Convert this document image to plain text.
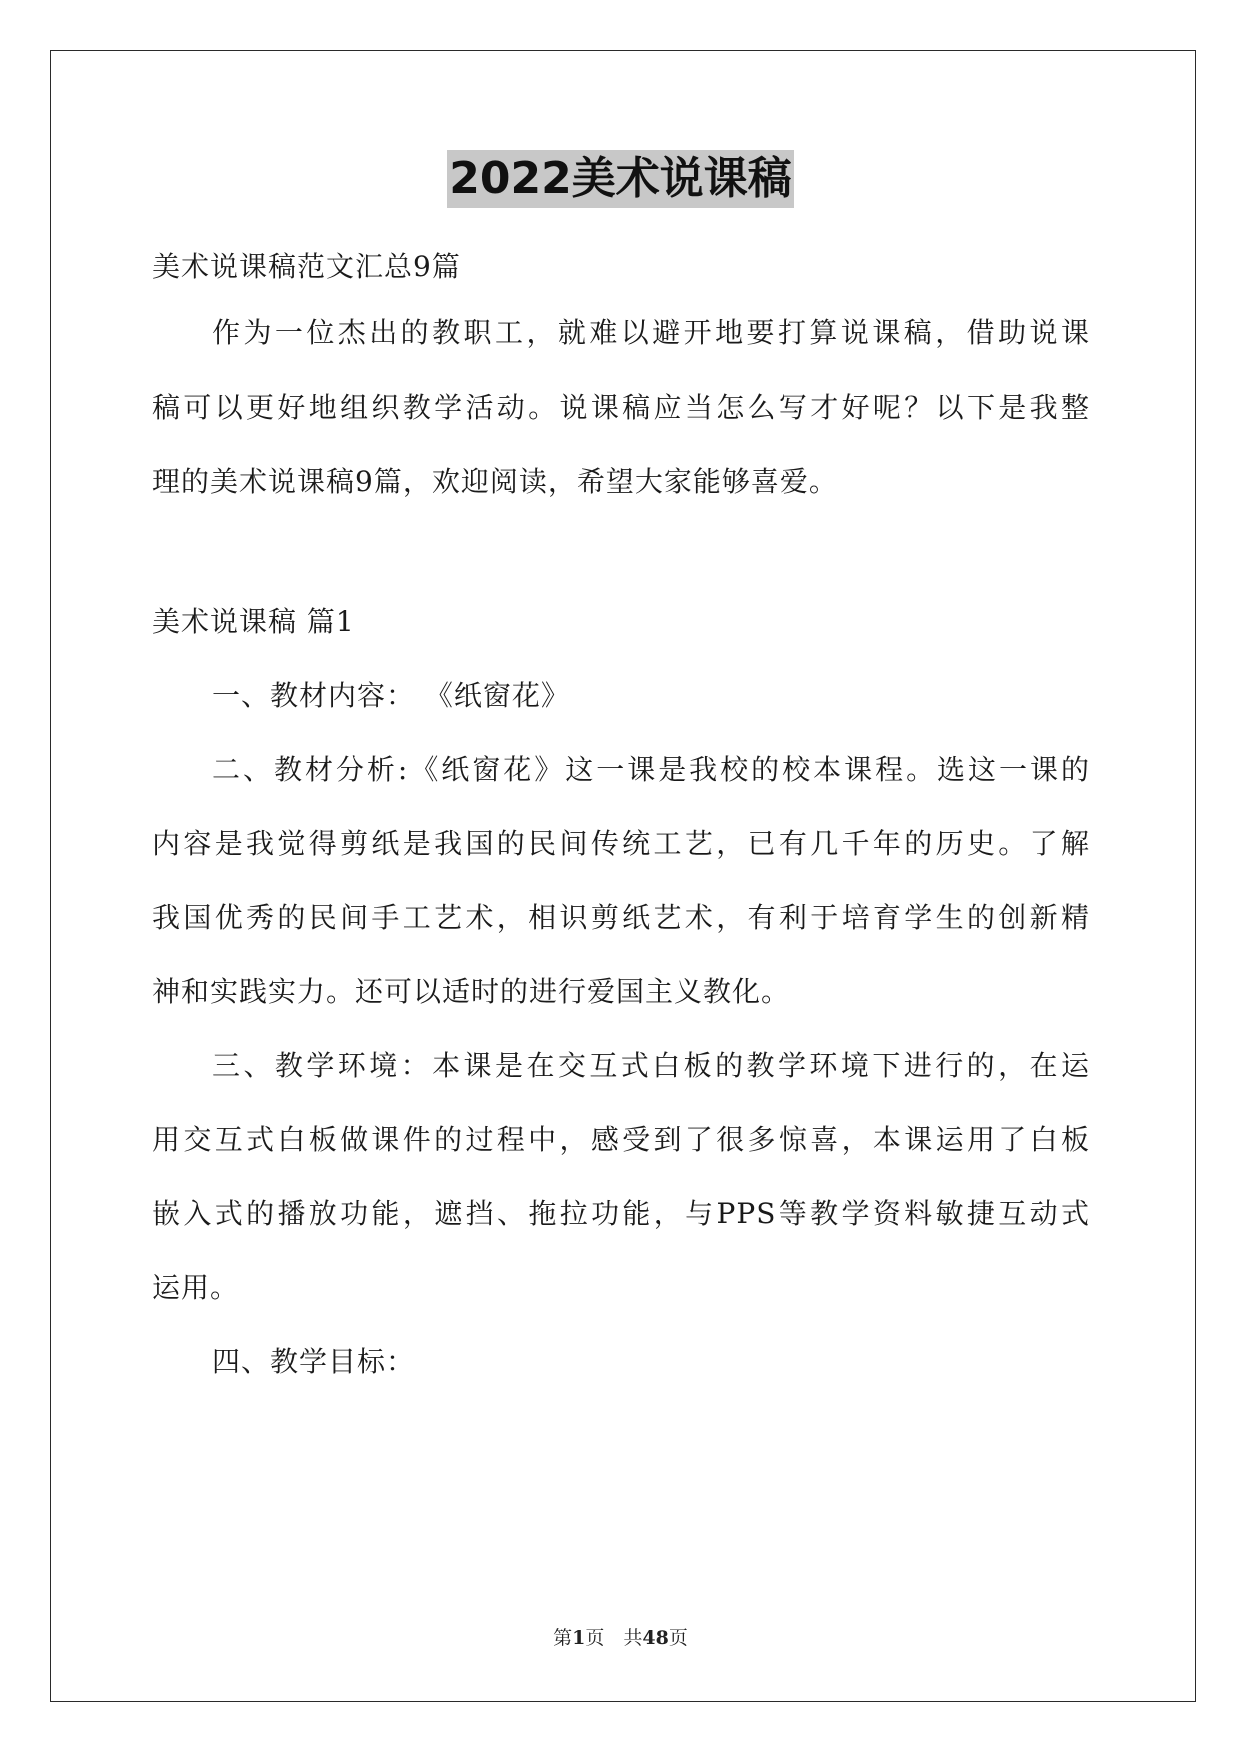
2022美术说课稿
美术说课稿范文汇总9篇
作为一位杰出的教职工，就难以避开地要打算说课稿，借助说课
稿可以更好地组织教学活动。说课稿应当怎么写才好呢？以下是我整
理的美术说课稿9篇，欢迎阅读，希望大家能够喜爱。
美术说课稿 篇1
一、教材内容： 《纸窗花》
二、教材分析:《纸窗花》这一课是我校的校本课程。选这一课的
内容是我觉得剪纸是我国的民间传统工艺，已有几千年的历史。了解
我国优秀的民间手工艺术，相识剪纸艺术，有利于培育学生的创新精
神和实践实力。还可以适时的进行爱国主义教化。
三、教学环境：本课是在交互式白板的教学环境下进行的，在运
用交互式白板做课件的过程中，感受到了很多惊喜，本课运用了白板
嵌入式的播放功能，遮挡、拖拉功能，与PPS等教学资料敏捷互动式
运用。
四、教学目标：
第1页　共48页
